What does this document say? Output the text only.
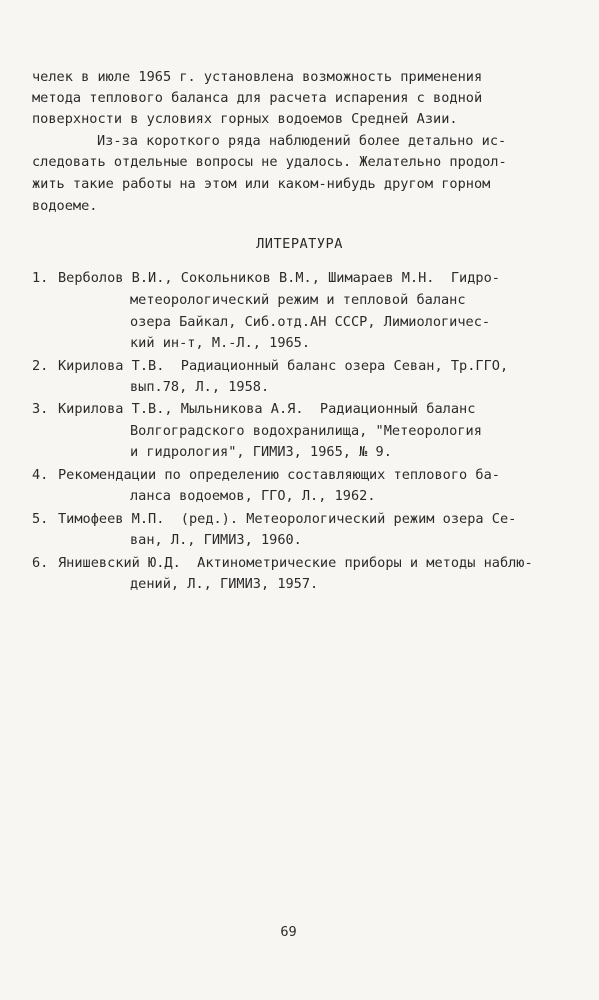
челек в июле 1965 г. установлена возможность применения
метода теплового баланса для расчета испарения с водной
поверхности в условиях горных водоемов Средней Азии.
Из-за короткого ряда наблюдений более детально ис-
следовать отдельные вопросы не удалось. Желательно продол-
жить такие работы на этом или каком-нибудь другом горном
водоеме.
ЛИТЕРАТУРА
1. Верболов В.И., Сокольников В.М., Шимараев М.Н.  Гидро-
метеорологический режим и тепловой баланс
озера Байкал, Сиб.отд.АН СССР, Лимиологичес-
кий ин-т, М.-Л., 1965.
2. Кирилова Т.В.  Радиационный баланс озера Севан, Тр.ГГО,
вып.78, Л., 1958.
3. Кирилова Т.В., Мыльникова А.Я.  Радиационный баланс
Волгоградского водохранилища, "Метеорология
и гидрология", ГИМИЗ, 1965, № 9.
4. Рекомендации по определению составляющих теплового ба-
ланса водоемов, ГГО, Л., 1962.
5. Тимофеев М.П.  (ред.). Метеорологический режим озера Се-
ван, Л., ГИМИЗ, 1960.
6. Янишевский Ю.Д.  Актинометрические приборы и методы наблю-
дений, Л., ГИМИЗ, 1957.
69
